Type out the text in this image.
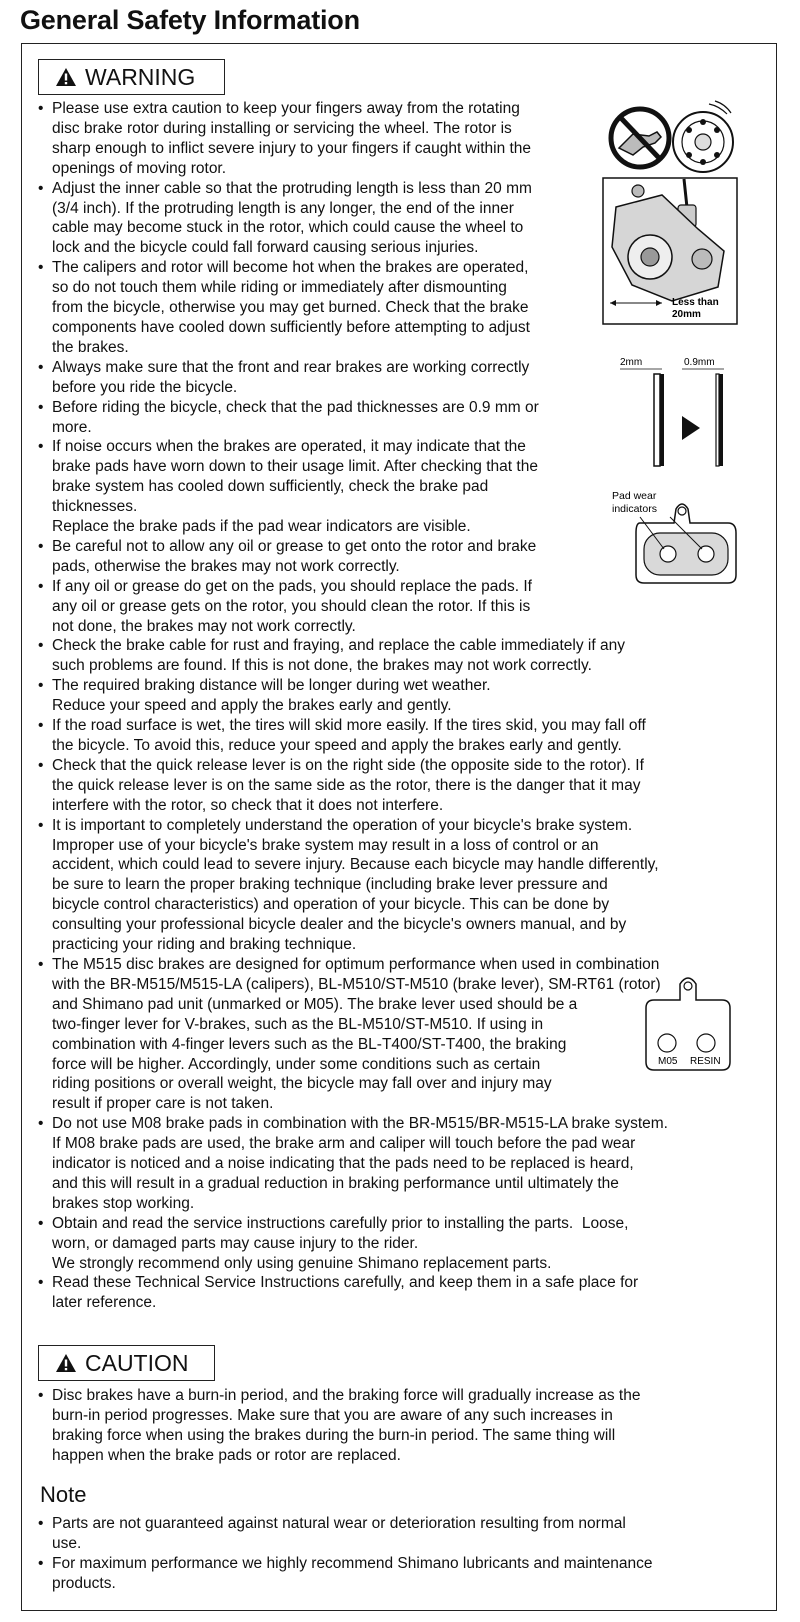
General Safety Information
WARNING
• Please use extra caution to keep your fingers away from the rotating
disc brake rotor during installing or servicing the wheel. The rotor is
sharp enough to inflict severe injury to your fingers if caught within the
openings of moving rotor.
• Adjust the inner cable so that the protruding length is less than 20 mm
(3/4 inch). If the protruding length is any longer, the end of the inner
cable may become stuck in the rotor, which could cause the wheel to
lock and the bicycle could fall forward causing serious injuries.
• The calipers and rotor will become hot when the brakes are operated,
so do not touch them while riding or immediately after dismounting
from the bicycle, otherwise you may get burned. Check that the brake
components have cooled down sufficiently before attempting to adjust
the brakes.
• Always make sure that the front and rear brakes are working correctly
before you ride the bicycle.
• Before riding the bicycle, check that the pad thicknesses are 0.9 mm or
more.
• If noise occurs when the brakes are operated, it may indicate that the
brake pads have worn down to their usage limit. After checking that the
brake system has cooled down sufficiently, check the brake pad
thicknesses.
Replace the brake pads if the pad wear indicators are visible.
• Be careful not to allow any oil or grease to get onto the rotor and brake
pads, otherwise the brakes may not work correctly.
• If any oil or grease do get on the pads, you should replace the pads. If
any oil or grease gets on the rotor, you should clean the rotor. If this is
not done, the brakes may not work correctly.
• Check the brake cable for rust and fraying, and replace the cable immediately if any
such problems are found. If this is not done, the brakes may not work correctly.
• The required braking distance will be longer during wet weather.
Reduce your speed and apply the brakes early and gently.
• If the road surface is wet, the tires will skid more easily. If the tires skid, you may fall off
the bicycle. To avoid this, reduce your speed and apply the brakes early and gently.
• Check that the quick release lever is on the right side (the opposite side to the rotor). If
the quick release lever is on the same side as the rotor, there is the danger that it may
interfere with the rotor, so check that it does not interfere.
• It is important to completely understand the operation of your bicycle's brake system.
Improper use of your bicycle's brake system may result in a loss of control or an
accident, which could lead to severe injury. Because each bicycle may handle differently,
be sure to learn the proper braking technique (including brake lever pressure and
bicycle control characteristics) and operation of your bicycle. This can be done by
consulting your professional bicycle dealer and the bicycle's owners manual, and by
practicing your riding and braking technique.
• The M515 disc brakes are designed for optimum performance when used in combination
with the BR-M515/M515-LA (calipers), BL-M510/ST-M510 (brake lever), SM-RT61 (rotor)
and Shimano pad unit (unmarked or M05). The brake lever used should be a
two-finger lever for V-brakes, such as the BL-M510/ST-M510. If using in
combination with 4-finger levers such as the BL-T400/ST-T400, the braking
force will be higher. Accordingly, under some conditions such as certain
riding positions or overall weight, the bicycle may fall over and injury may
result if proper care is not taken.
• Do not use M08 brake pads in combination with the BR-M515/BR-M515-LA brake system.
If M08 brake pads are used, the brake arm and caliper will touch before the pad wear
indicator is noticed and a noise indicating that the pads need to be replaced is heard,
and this will result in a gradual reduction in braking performance until ultimately the
brakes stop working.
• Obtain and read the service instructions carefully prior to installing the parts.  Loose,
worn, or damaged parts may cause injury to the rider.
We strongly recommend only using genuine Shimano replacement parts.
• Read these Technical Service Instructions carefully, and keep them in a safe place for
later reference.
CAUTION
• Disc brakes have a burn-in period, and the braking force will gradually increase as the
burn-in period progresses. Make sure that you are aware of any such increases in
braking force when using the brakes during the burn-in period. The same thing will
happen when the brake pads or rotor are replaced.
Note
• Parts are not guaranteed against natural wear or deterioration resulting from normal
use.
• For maximum performance we highly recommend Shimano lubricants and maintenance
products.
Less than
20mm
2mm	0.9mm
Pad wear
indicators
M05 RESIN
